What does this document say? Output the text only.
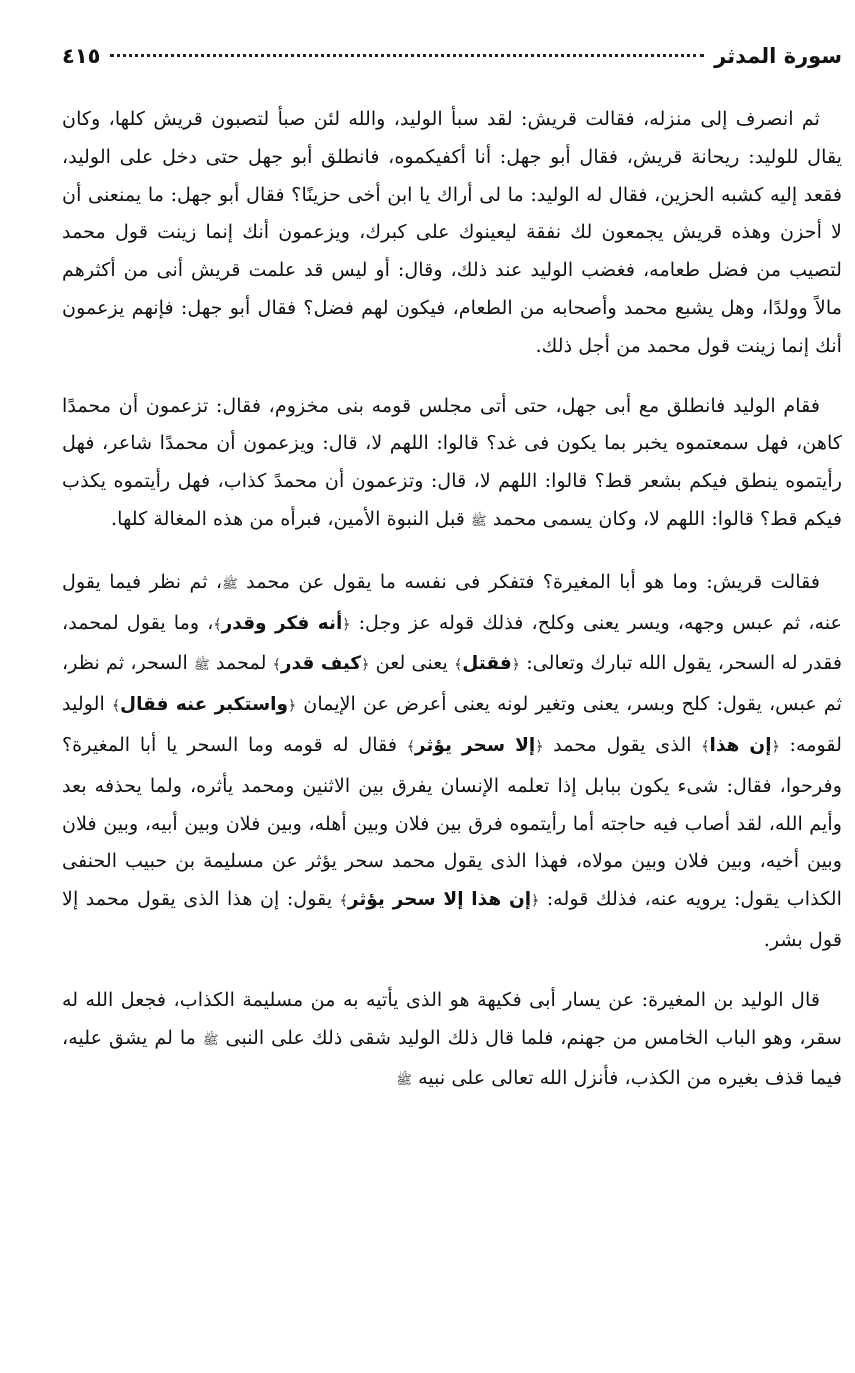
سورة المدثر
٤١٥

ثم انصرف إلى منزله، فقالت قريش: لقد سبأ الوليد، والله لئن صبأ لتصبون قريش كلها، وكان يقال للوليد: ريحانة قريش، فقال أبو جهل: أنا أكفيكموه، فانطلق أبو جهل حتى دخل على الوليد، فقعد إليه كشبه الحزين، فقال له الوليد: ما لى أراك يا ابن أخى حزينًا؟ فقال أبو جهل: ما يمنعنى أن لا أحزن وهذه قريش يجمعون لك نفقة ليعينوك على كبرك، ويزعمون أنك إنما زينت قول محمد لتصيب من فضل طعامه، فغضب الوليد عند ذلك، وقال: أو ليس قد علمت قريش أنى من أكثرهم مالاً وولدًا، وهل يشبع محمد وأصحابه من الطعام، فيكون لهم فضل؟ فقال أبو جهل: فإنهم يزعمون أنك إنما زينت قول محمد من أجل ذلك.

فقام الوليد فانطلق مع أبى جهل، حتى أتى مجلس قومه بنى مخزوم، فقال: تزعمون أن محمدًا كاهن، فهل سمعتموه يخبر بما يكون فى غد؟ قالوا: اللهم لا، قال: ويزعمون أن محمدًا شاعر، فهل رأيتموه ينطق فيكم بشعر قط؟ قالوا: اللهم لا، قال: وتزعمون أن محمدً كذاب، فهل رأيتموه يكذب فيكم قط؟ قالوا: اللهم لا، وكان يسمى محمد ﷺ قبل النبوة الأمين، فبرأه من هذه المغالة كلها.

فقالت قريش: وما هو أبا المغيرة؟ فتفكر فى نفسه ما يقول عن محمد ﷺ، ثم نظر فيما يقول عنه، ثم عبس وجهه، ويسر يعنى وكلح، فذلك قوله عز وجل: ﴿أنه فكر وقدر﴾، وما يقول لمحمد، فقدر له السحر، يقول الله تبارك وتعالى: ﴿فقتل﴾ يعنى لعن ﴿كيف قدر﴾ لمحمد ﷺ السحر، ثم نظر، ثم عبس، يقول: كلح وبسر، يعنى وتغير لونه يعنى أعرض عن الإيمان ﴿واستكبر عنه فقال﴾ الوليد لقومه: ﴿إن هذا﴾ الذى يقول محمد ﴿إلا سحر يؤثر﴾ فقال له قومه وما السحر يا أبا المغيرة؟ وفرحوا، فقال: شىء يكون ببابل إذا تعلمه الإنسان يفرق بين الاثنين ومحمد يأثره، ولما يحذفه بعد وأيم الله، لقد أصاب فيه حاجته أما رأيتموه فرق بين فلان وبين أهله، وبين فلان وبين أبيه، وبين فلان وبين أخيه، وبين فلان وبين مولاه، فهذا الذى يقول محمد سحر يؤثر عن مسليمة بن حبيب الحنفى الكذاب يقول: يرويه عنه، فذلك قوله: ﴿إن هذا إلا سحر يؤثر﴾ يقول: إن هذا الذى يقول محمد إلا قول بشر.

قال الوليد بن المغيرة: عن يسار أبى فكيهة هو الذى يأتيه به من مسليمة الكذاب، فجعل الله له سقر، وهو الباب الخامس من جهنم، فلما قال ذلك الوليد شقى ذلك على النبى ﷺ ما لم يشق عليه، فيما قذف بغيره من الكذب، فأنزل الله تعالى على نبيه ﷺ
